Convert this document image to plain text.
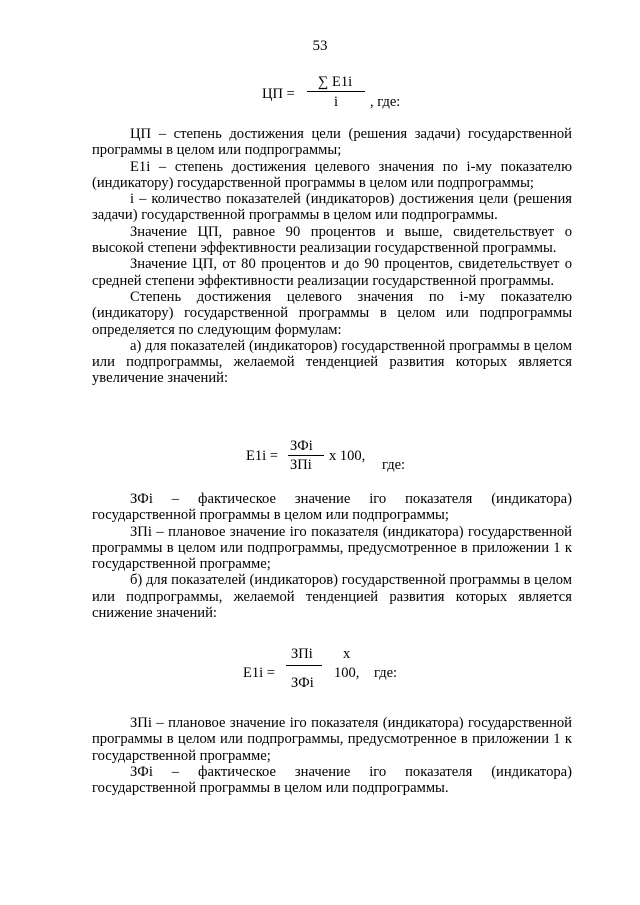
53
ЦП =
∑ Е1i
i , где:

ЦП – степень достижения цели (решения задачи) государственной программы в целом или подпрограммы;

Е1i – степень достижения целевого значения по i-му показателю (индикатору) государственной программы в целом или подпрограммы;

i – количество показателей (индикаторов) достижения цели (решения задачи) государственной программы в целом или подпрограммы.

Значение ЦП, равное 90 процентов и выше, свидетельствует о высокой степени эффективности реализации государственной программы.

Значение ЦП, от 80 процентов и до 90 процентов, свидетельствует о средней степени эффективности реализации государственной программы.

Степень достижения целевого значения по i-му показателю (индикатору) государственной программы в целом или подпрограммы определяется по следующим формулам:

а) для показателей (индикаторов) государственной программы в целом или подпрограммы, желаемой тенденцией развития которых является увеличение значений:

Е1i =
ЗФi
ЗПi
х 100,
где:

ЗФi – фактическое значение iго показателя (индикатора) государственной программы в целом или подпрограммы;

ЗПi – плановое значение iго показателя (индикатора) государственной программы в целом или подпрограммы, предусмотренное в приложении 1 к государственной программе;

б) для показателей (индикаторов) государственной программы в целом или подпрограммы, желаемой тенденцией развития которых является снижение значений:

Е1i =
ЗПi
ЗФi
х
100, где:

ЗПi – плановое значение iго показателя (индикатора) государственной программы в целом или подпрограммы, предусмотренное в приложении 1 к государственной программе;

ЗФi – фактическое значение iго показателя (индикатора) государственной программы в целом или подпрограммы.
